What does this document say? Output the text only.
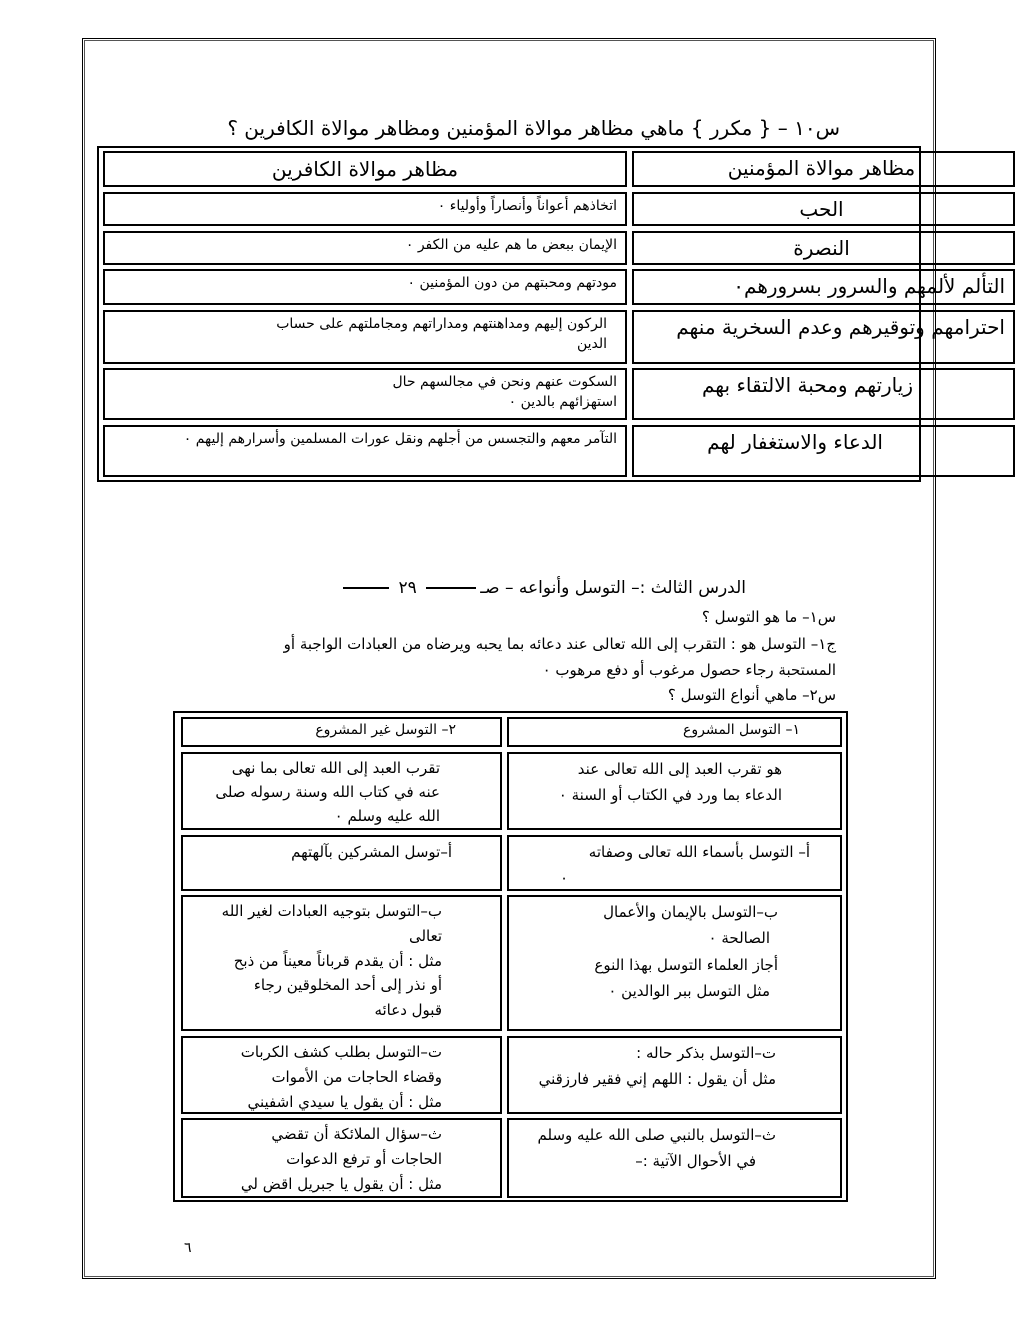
س١٠ – { مكرر } ماهي مظاهر موالاة المؤمنين ومظاهر موالاة الكافرين ؟
مظاهر موالاة المؤمنين
مظاهر موالاة الكافرين
الحب
اتخاذهم أعواناً وأنصاراً وأولياء ٠
النصرة
الإيمان ببعض ما هم عليه من الكفر ٠
التألم لألمهم والسرور بسرورهم٠
مودتهم ومحبتهم من دون المؤمنين ٠
احترامهم وتوقيرهم وعدم السخرية منهم
الركون إليهم ومداهنتهم ومداراتهم ومجاملتهم على حساب الدين
زيارتهم ومحبة الالتقاء بهم
السكوت عنهم ونحن في مجالسهم حال استهزائهم بالدين ٠
الدعاء والاستغفار لهم
التآمر معهم والتجسس من أجلهم ونقل عورات المسلمين وأسرارهم إليهم ٠
الدرس الثالث :– التوسل وأنواعه – صـ ٢٩
س١– ما هو التوسل ؟
ج١– التوسل هو : التقرب إلى الله تعالى عند دعائه بما يحبه ويرضاه من العبادات الواجبة أو
المستحبة رجاء حصول مرغوب أو دفع مرهوب ٠
س٢– ماهي أنواع التوسل ؟
١– التوسل المشروع
٢– التوسل غير المشروع
هو تقرب العبد إلى الله تعالى عند
الدعاء بما ورد في الكتاب أو السنة ٠
تقرب العبد إلى الله تعالى بما نهى
عنه في كتاب الله وسنة رسوله صلى
الله عليه وسلم ٠
أ– التوسل بأسماء الله تعالى وصفاته
٠
أ–توسل المشركين بآلهتهم
ب–التوسل بالإيمان والأعمال
الصالحة ٠
أجاز العلماء التوسل بهذا النوع
مثل التوسل ببر الوالدين ٠
ب–التوسل بتوجيه العبادات لغير الله
تعالى
مثل : أن يقدم قرباناً معيناً من ذبح
أو نذر إلى أحد المخلوقين رجاء
قبول دعائه
ت–التوسل بذكر حاله :
مثل أن يقول : اللهم إني فقير فارزقني
ت–التوسل بطلب كشف الكربات
وقضاء الحاجات من الأموات
مثل : أن يقول يا سيدي اشفيني
ث–التوسل بالنبي صلى الله عليه وسلم
في الأحوال الآتية :–
ث–سؤال الملائكة أن تقضي
الحاجات أو ترفع الدعوات
مثل : أن يقول يا جبريل اقض لي
٦
